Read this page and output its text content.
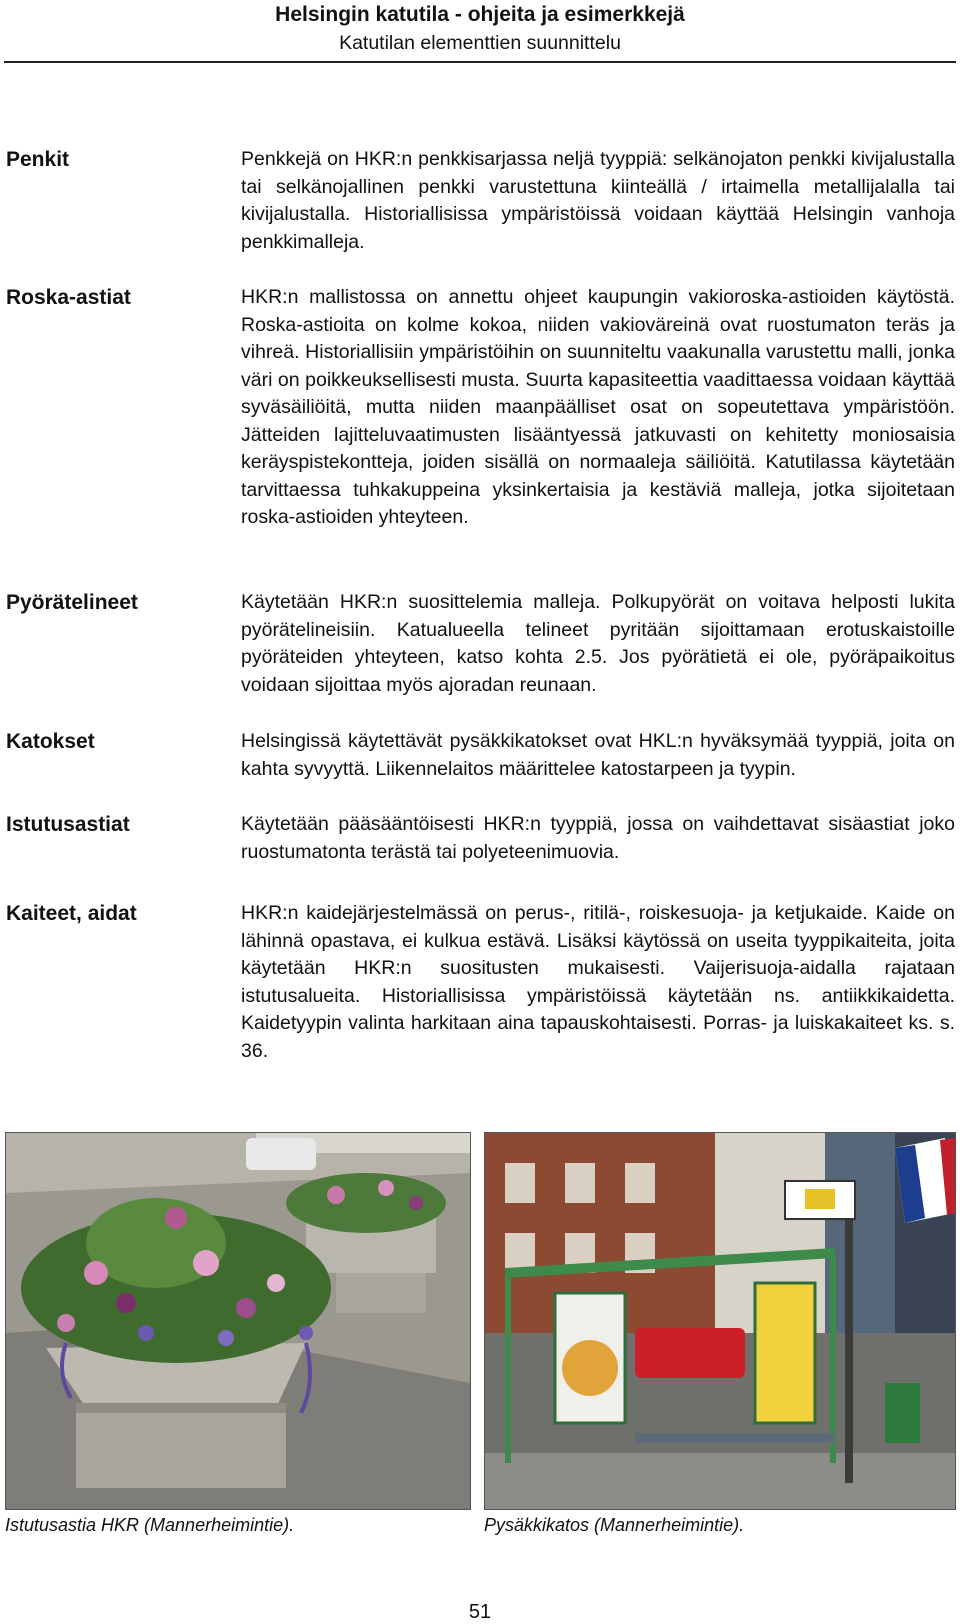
Helsingin katutila - ohjeita ja esimerkkejä
Katutilan elementtien suunnittelu
Penkit	Penkkejä on HKR:n penkkisarjassa neljä tyyppiä: selkänojaton penkki kivijalustalla tai selkänojallinen penkki varustettuna kiinteällä / irtaimella metallijalalla tai kivijalustalla. Historiallisissa ympäristöissä voidaan käyttää Helsingin vanhoja penkkimalleja.
Roska-astiat	HKR:n mallistossa on annettu ohjeet kaupungin vakioroska-astioiden käytöstä. Roska-astioita on kolme kokoa, niiden vakioväreinä ovat ruostumaton teräs ja vihreä. Historiallisiin ympäristöihin on suunniteltu vaakunalla varustettu malli, jonka väri on poikkeuksellisesti musta. Suurta kapasiteettia vaadittaessa voidaan käyttää syväsäiliöitä, mutta niiden maanpäälliset osat on sopeutettava ympäristöön. Jätteiden lajitteluvaatimusten lisääntyessä jatkuvasti on kehitetty moniosaisia keräyspistekontteja, joiden sisällä on normaaleja säiliöitä. Katutilassa käytetään tarvittaessa tuhkakuppeina yksinkertaisia ja kestäviä malleja, jotka sijoitetaan roska-astioiden yhteyteen.
Pyörätelineet	Käytetään HKR:n suosittelemia malleja. Polkupyörät on voitava helposti lukita pyörätelineisiin. Katualueella telineet pyritään sijoittamaan erotuskaistoille pyöräteiden yhteyteen, katso kohta 2.5. Jos pyörätietä ei ole, pyöräpaikoitus voidaan sijoittaa myös ajoradan reunaan.
Katokset	Helsingissä käytettävät pysäkkikatokset ovat HKL:n hyväksymää tyyppiä, joita on kahta syvyyttä. Liikennelaitos määrittelee katostarpeen ja tyypin.
Istutusastiat	Käytetään pääsääntöisesti HKR:n tyyppiä, jossa on vaihdettavat sisäastiat joko ruostumatonta terästä tai polyeteenimuovia.
Kaiteet, aidat	HKR:n kaidejärjestelmässä on perus-, ritilä-, roiskesuoja- ja ketjukaide. Kaide on lähinnä opastava, ei kulkua estävä. Lisäksi käytössä on useita tyyppikaiteita, joita käytetään HKR:n suositusten mukaisesti. Vaijerisuoja-aidalla rajataan istutusalueita. Historiallisissa ympäristöissä käytetään ns. antiikkikaidetta. Kaidetyypin valinta harkitaan aina tapauskohtaisesti. Porras- ja luiskakaiteet ks. s. 36.
Istutusastia HKR (Mannerheimintie).	Pysäkkikatos (Mannerheimintie).
51
